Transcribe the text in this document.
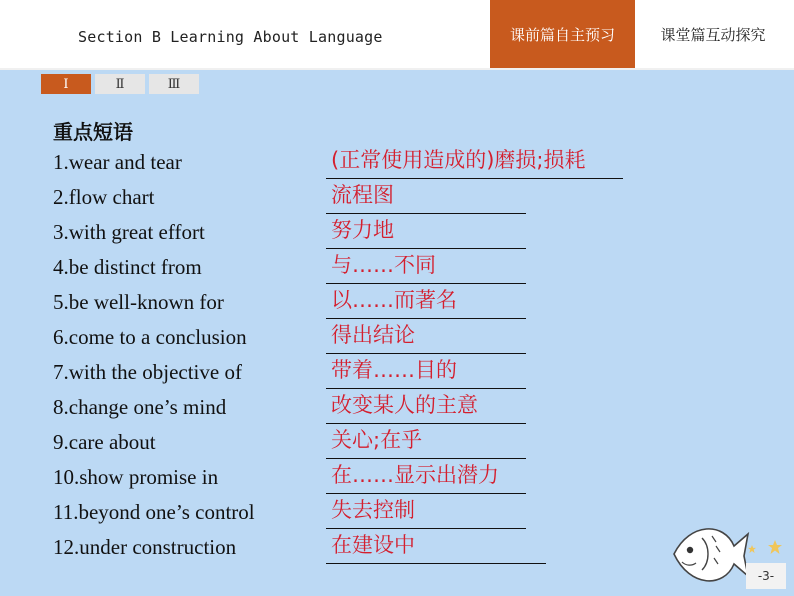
Section B Learning About Language	课前篇自主预习	课堂篇互动探究
Ⅰ	Ⅱ	Ⅲ
重点短语
1.wear and tear	(正常使用造成的)磨损;损耗
2.flow chart	流程图
3.with great effort	努力地
4.be distinct from	与……不同
5.be well-known for	以……而著名
6.come to a conclusion	得出结论
7.with the objective of	带着……目的
8.change one’s mind	改变某人的主意
9.care about	关心;在乎
10.show promise in	在……显示出潜力
11.beyond one’s control	失去控制
12.under construction	在建设中
-3-
